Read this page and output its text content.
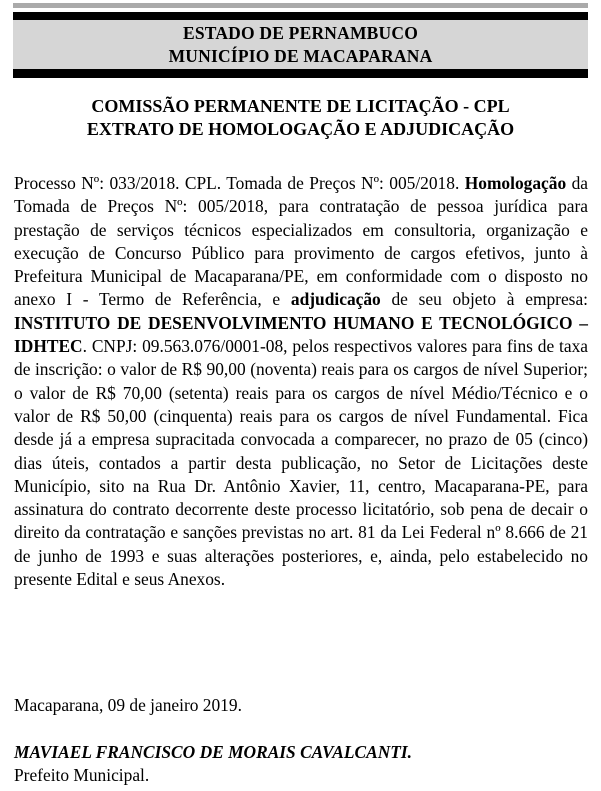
ESTADO DE PERNAMBUCO
MUNICÍPIO DE MACAPARANA
COMISSÃO PERMANENTE DE LICITAÇÃO - CPL
EXTRATO DE HOMOLOGAÇÃO E ADJUDICAÇÃO

Processo Nº: 033/2018. CPL. Tomada de Preços Nº: 005/2018. Homologação da Tomada de Preços Nº: 005/2018, para contratação de pessoa jurídica para prestação de serviços técnicos especializados em consultoria, organização e execução de Concurso Público para provimento de cargos efetivos, junto à Prefeitura Municipal de Macaparana/PE, em conformidade com o disposto no anexo I - Termo de Referência, e adjudicação de seu objeto à empresa: INSTITUTO DE DESENVOLVIMENTO HUMANO E TECNOLÓGICO – IDHTEC. CNPJ: 09.563.076/0001-08, pelos respectivos valores para fins de taxa de inscrição: o valor de R$ 90,00 (noventa) reais para os cargos de nível Superior; o valor de R$ 70,00 (setenta) reais para os cargos de nível Médio/Técnico e o valor de R$ 50,00 (cinquenta) reais para os cargos de nível Fundamental. Fica desde já a empresa supracitada convocada a comparecer, no prazo de 05 (cinco) dias úteis, contados a partir desta publicação, no Setor de Licitações deste Município, sito na Rua Dr. Antônio Xavier, 11, centro, Macaparana-PE, para assinatura do contrato decorrente deste processo licitatório, sob pena de decair o direito da contratação e sanções previstas no art. 81 da Lei Federal nº 8.666 de 21 de junho de 1993 e suas alterações posteriores, e, ainda, pelo estabelecido no presente Edital e seus Anexos.

Macaparana, 09 de janeiro 2019.
MAVIAEL FRANCISCO DE MORAIS CAVALCANTI.
Prefeito Municipal.
